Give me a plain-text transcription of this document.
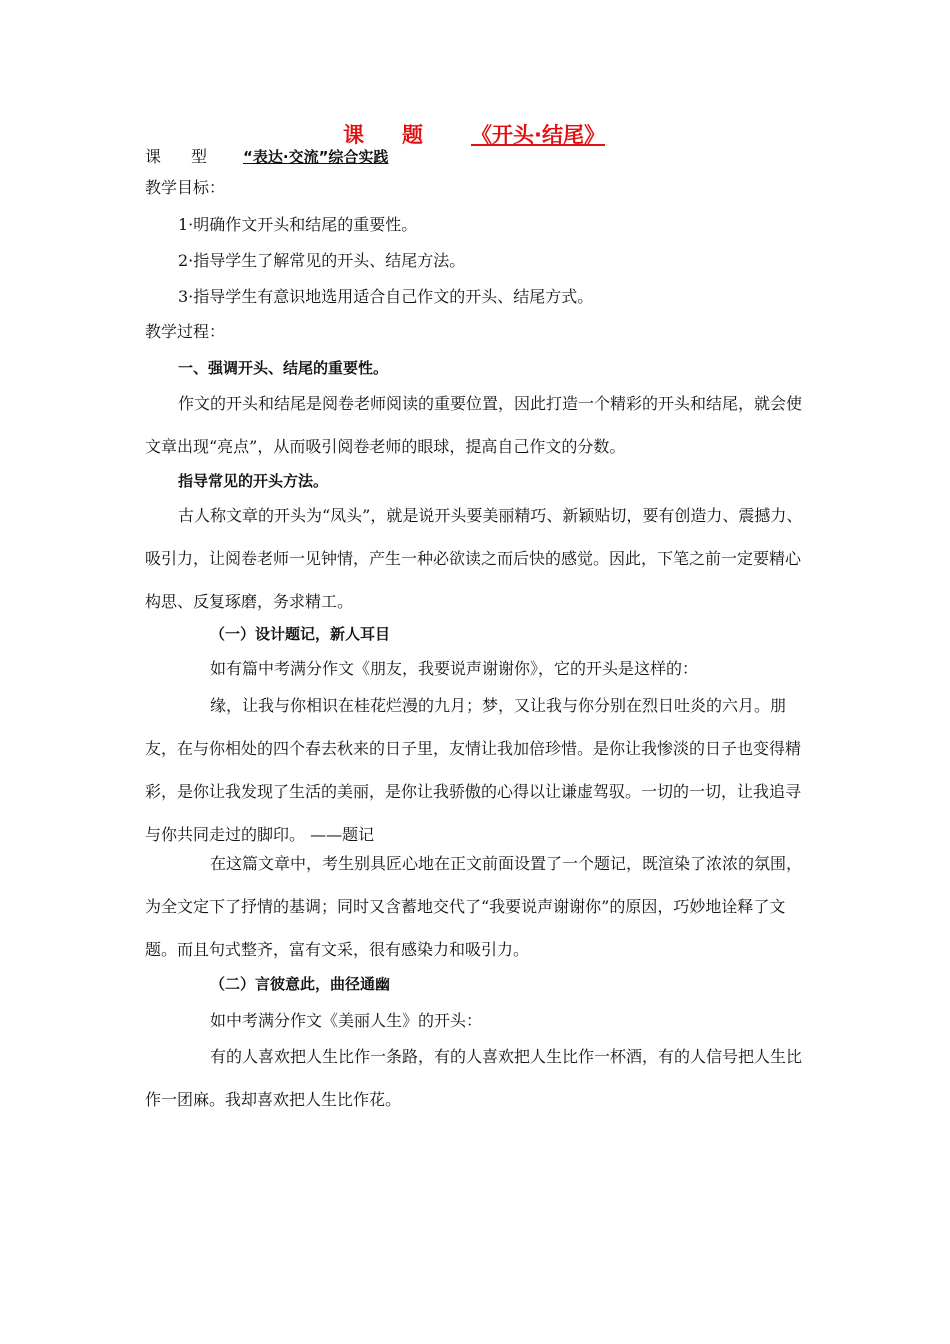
课题 《开头·结尾》
课型 “表达·交流”综合实践
教学目标：
1·明确作文开头和结尾的重要性。
2·指导学生了解常见的开头、结尾方法。
3·指导学生有意识地选用适合自己作文的开头、结尾方式。
教学过程：
一、强调开头、结尾的重要性。
作文的开头和结尾是阅卷老师阅读的重要位置，因此打造一个精彩的开头和结尾，就会使文章出现“亮点”，从而吸引阅卷老师的眼球，提高自己作文的分数。
指导常见的开头方法。
古人称文章的开头为“凤头”，就是说开头要美丽精巧、新颖贴切，要有创造力、震撼力、吸引力，让阅卷老师一见钟情，产生一种必欲读之而后快的感觉。因此，下笔之前一定要精心构思、反复琢磨，务求精工。
（一）设计题记，新人耳目
如有篇中考满分作文《朋友，我要说声谢谢你》，它的开头是这样的：
缘，让我与你相识在桂花烂漫的九月；梦，又让我与你分别在烈日吐炎的六月。朋友，在与你相处的四个春去秋来的日子里，友情让我加倍珍惜。是你让我惨淡的日子也变得精彩，是你让我发现了生活的美丽，是你让我骄傲的心得以让谦虚驾驭。一切的一切，让我追寻与你共同走过的脚印。 ——题记
在这篇文章中，考生别具匠心地在正文前面设置了一个题记，既渲染了浓浓的氛围，为全文定下了抒情的基调；同时又含蓄地交代了“我要说声谢谢你”的原因，巧妙地诠释了文题。而且句式整齐，富有文采，很有感染力和吸引力。
（二）言彼意此，曲径通幽
如中考满分作文《美丽人生》的开头：
有的人喜欢把人生比作一条路，有的人喜欢把人生比作一杯酒，有的人信号把人生比作一团麻。我却喜欢把人生比作花。
